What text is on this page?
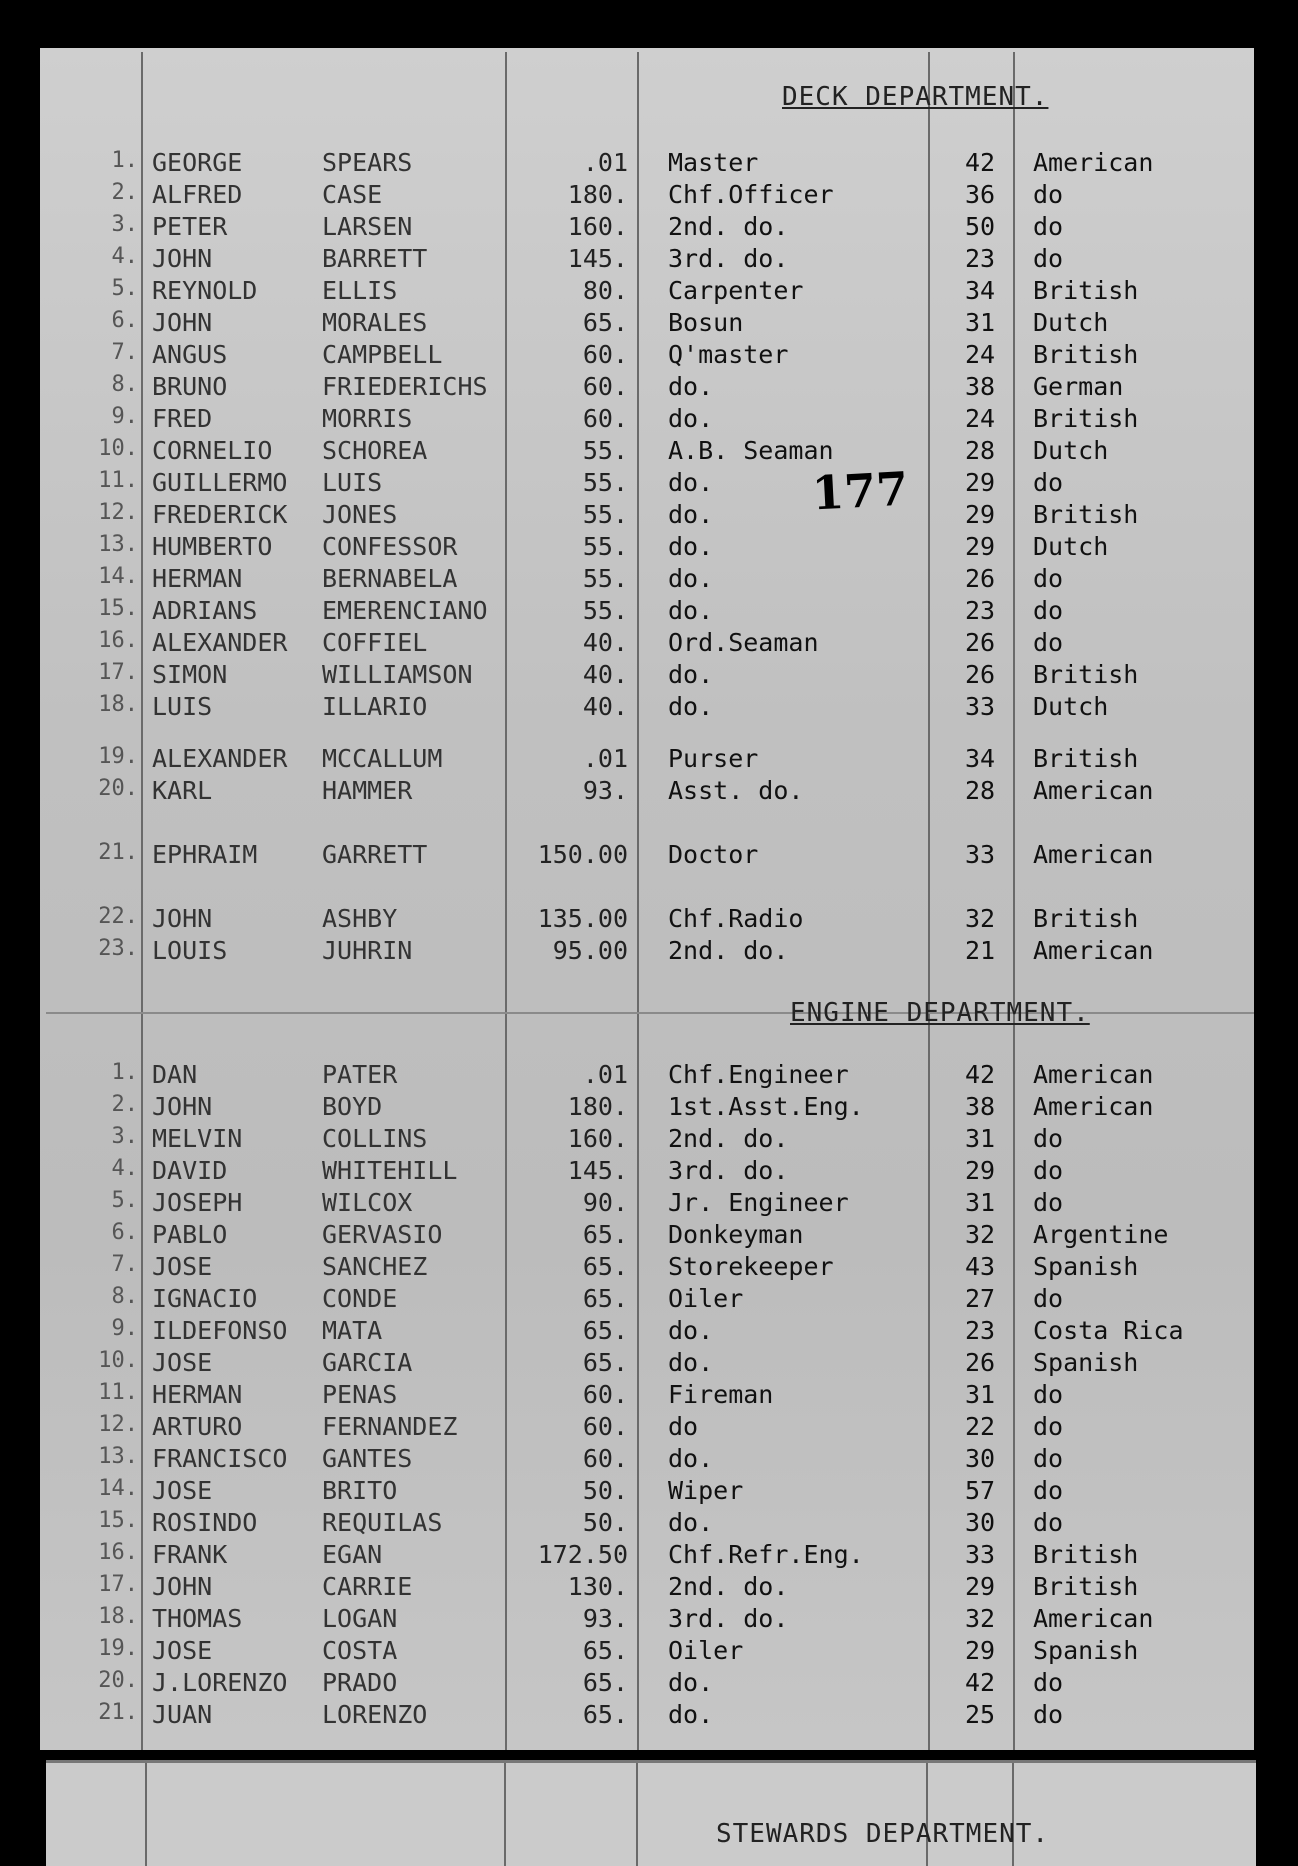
DECK DEPARTMENT.
177
1. GEORGE	SPEARS	.01 Master	42	American
2. ALFRED	CASE	180. Chf.Officer	36	do
3. PETER	LARSEN	160. 2nd. do.	50	do
4. JOHN	BARRETT	145. 3rd. do.	23	do
5. REYNOLD	ELLIS	80. Carpenter	34	British
6. JOHN	MORALES	65. Bosun	31	Dutch
7. ANGUS	CAMPBELL	60. Q'master	24	British
8. BRUNO	FRIEDERICHS	60. do.	38	German
9. FRED	MORRIS	60. do.	24	British
10. CORNELIO SCHOREA	55. A.B. Seaman	28	Dutch
11. GUILLERMO LUIS	55. do.	29	do
12. FREDERICK JONES	55. do.	29	British
13. HUMBERTO CONFESSOR	55. do.	29	Dutch
14. HERMAN	BERNABELA	55. do.	26	do
15. ADRIANS	EMERENCIANO	55. do.	23	do
16. ALEXANDER COFFIEL	40. Ord.Seaman	26	do
17. SIMON	WILLIAMSON	40. do.	26	British
18. LUIS	ILLARIO	40. do.	33	Dutch
19. ALEXANDER MCCALLUM	.01 Purser	34	British
20. KARL	HAMMER	93. Asst. do.	28	American
21. EPHRAIM	GARRETT	150.00 Doctor	33	American
22. JOHN	ASHBY	135.00 Chf.Radio	32	British
23. LOUIS	JUHRIN	95.00 2nd. do.	21	American
ENGINE DEPARTMENT.
1. DAN	PATER	.01 Chf.Engineer	42	American
2. JOHN	BOYD	180. 1st.Asst.Eng.	38	American
3. MELVIN	COLLINS	160. 2nd. do.	31	do
4. DAVID	WHITEHILL	145. 3rd. do.	29	do
5. JOSEPH	WILCOX	90. Jr. Engineer	31	do
6. PABLO	GERVASIO	65. Donkeyman	32	Argentine
7. JOSE	SANCHEZ	65. Storekeeper	43	Spanish
8. IGNACIO	CONDE	65. Oiler	27	do
9. ILDEFONSO MATA	65. do.	23	Costa Rica
10. JOSE	GARCIA	65. do.	26	Spanish
11. HERMAN	PENAS	60. Fireman	31	do
12. ARTURO	FERNANDEZ	60. do	22	do
13. FRANCISCO GANTES	60. do.	30	do
14. JOSE	BRITO	50. Wiper	57	do
15. ROSINDO	REQUILAS	50. do.	30	do
16. FRANK	EGAN	172.50 Chf.Refr.Eng.	33	British
17. JOHN	CARRIE	130. 2nd. do.	29	British
18. THOMAS	LOGAN	93. 3rd. do.	32	American
19. JOSE	COSTA	65. Oiler	29	Spanish
20. J.LORENZO PRADO	65. do.	42	do
21. JUAN	LORENZO	65. do.	25	do
STEWARDS DEPARTMENT.
